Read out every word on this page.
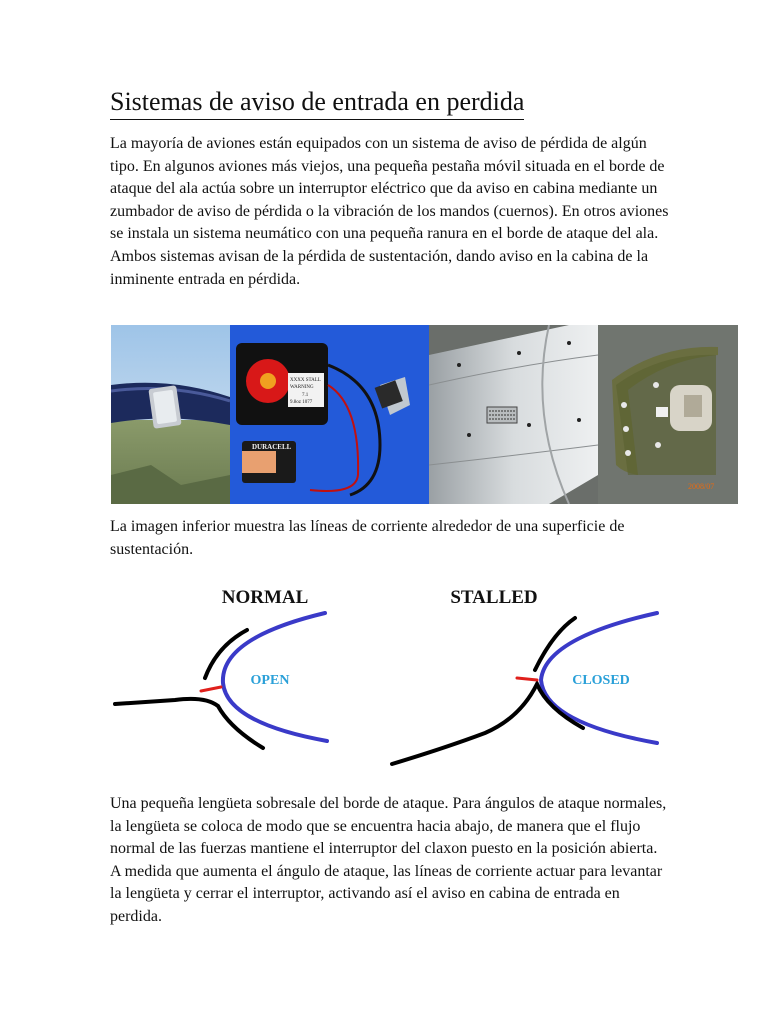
Sistemas de aviso de entrada en perdida

La mayoría de aviones están equipados con un sistema de aviso de pérdida de algún tipo. En algunos aviones más viejos, una pequeña pestaña móvil situada en el borde de ataque del ala actúa sobre un interruptor eléctrico que da aviso en cabina mediante un zumbador de aviso de pérdida o la vibración de los mandos (cuernos). En otros aviones se instala un sistema neumático con una pequeña ranura en el borde de ataque del ala. Ambos sistemas avisan de la pérdida de sustentación, dando aviso en la cabina de la inminente entrada en pérdida.

XXXX STALL
WARNING
7.1
9.8oz 1077
DURACELL
2008/07

La imagen inferior muestra las líneas de corriente alrededor de una superficie de sustentación.

NORMAL
OPEN
STALLED
CLOSED

Una pequeña lengüeta sobresale del borde de ataque. Para ángulos de ataque normales, la lengüeta se coloca de modo que se encuentra hacia abajo, de manera que el flujo normal de las fuerzas mantiene el interruptor del claxon puesto en la posición abierta. A medida que aumenta el ángulo de ataque, las líneas de corriente actuar para levantar la lengüeta y cerrar el interruptor, activando así el aviso en cabina de entrada en perdida.
